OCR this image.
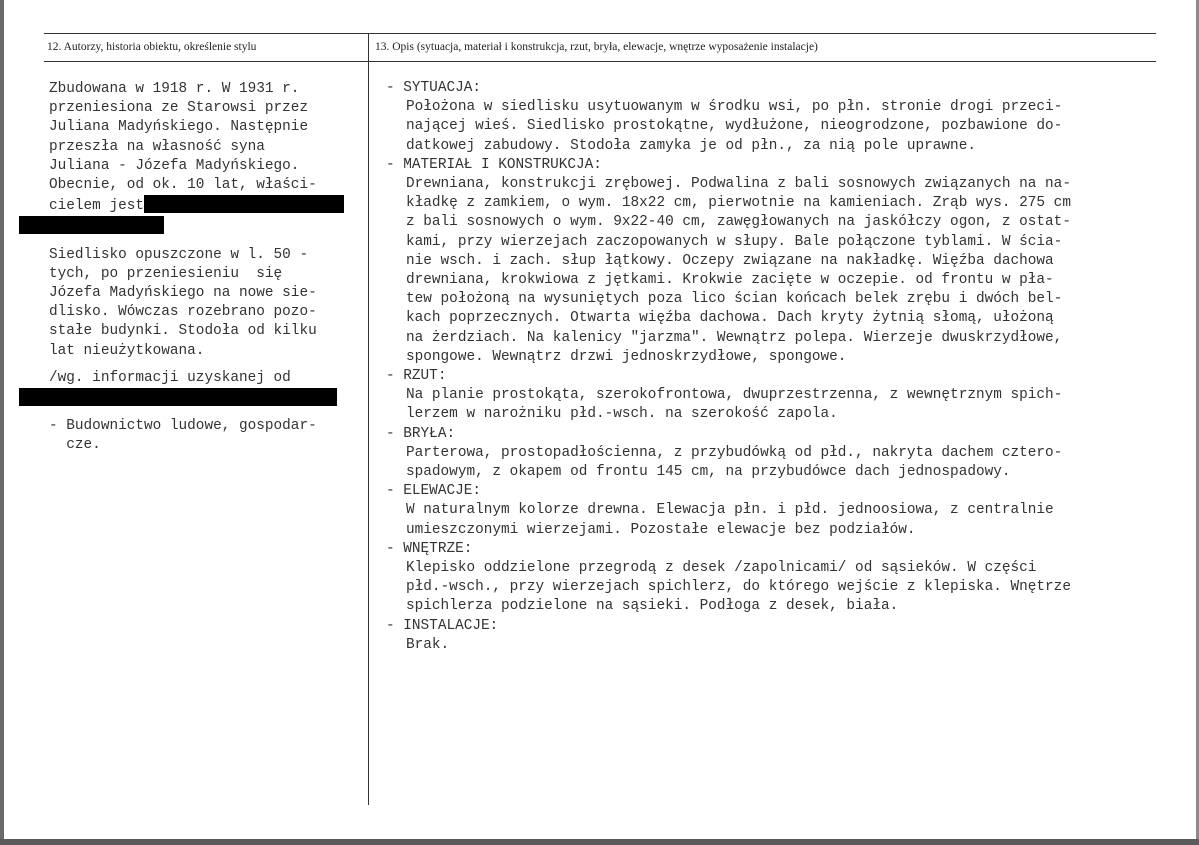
12. Autorzy, historia obiektu, określenie stylu	13. Opis (sytuacja, materiał i konstrukcja, rzut, bryła, elewacje, wnętrze wyposażenie instalacje)
Zbudowana w 1918 r. W 1931 r.
przeniesiona ze Starowsi przez
Juliana Madyńskiego. Następnie
przeszła na własność syna
Juliana - Józefa Madyńskiego.
Obecnie, od ok. 10 lat, właści-
cielem jest
Siedlisko opuszczone w l. 50 -
tych, po przeniesieniu  się
Józefa Madyńskiego na nowe sie-
dlisko. Wówczas rozebrano pozo-
stałe budynki. Stodoła od kilku
lat nieużytkowana.
/wg. informacji uzyskanej od
- Budownictwo ludowe, gospodar-
cze.
- SYTUACJA:
Położona w siedlisku usytuowanym w środku wsi, po płn. stronie drogi przeci-
nającej wieś. Siedlisko prostokątne, wydłużone, nieogrodzone, pozbawione do-
datkowej zabudowy. Stodoła zamyka je od płn., za nią pole uprawne.
- MATERIAŁ I KONSTRUKCJA:
Drewniana, konstrukcji zrębowej. Podwalina z bali sosnowych związanych na na-
kładkę z zamkiem, o wym. 18x22 cm, pierwotnie na kamieniach. Zrąb wys. 275 cm
z bali sosnowych o wym. 9x22-40 cm, zawęgłowanych na jaskółczy ogon, z ostat-
kami, przy wierzejach zaczopowanych w słupy. Bale połączone tyblami. W ścia-
nie wsch. i zach. słup łątkowy. Oczepy związane na nakładkę. Więźba dachowa
drewniana, krokwiowa z jętkami. Krokwie zacięte w oczepie. od frontu w pła-
tew położoną na wysuniętych poza lico ścian końcach belek zrębu i dwóch bel-
kach poprzecznych. Otwarta więźba dachowa. Dach kryty żytnią słomą, ułożoną
na żerdziach. Na kalenicy "jarzma". Wewnątrz polepa. Wierzeje dwuskrzydłowe,
spongowe. Wewnątrz drzwi jednoskrzydłowe, spongowe.
- RZUT:
Na planie prostokąta, szerokofrontowa, dwuprzestrzenna, z wewnętrznym spich-
lerzem w narożniku płd.-wsch. na szerokość zapola.
- BRYŁA:
Parterowa, prostopadłościenna, z przybudówką od płd., nakryta dachem cztero-
spadowym, z okapem od frontu 145 cm, na przybudówce dach jednospadowy.
- ELEWACJE:
W naturalnym kolorze drewna. Elewacja płn. i płd. jednoosiowa, z centralnie
umieszczonymi wierzejami. Pozostałe elewacje bez podziałów.
- WNĘTRZE:
Klepisko oddzielone przegrodą z desek /zapolnicami/ od sąsieków. W części
płd.-wsch., przy wierzejach spichlerz, do którego wejście z klepiska. Wnętrze
spichlerza podzielone na sąsieki. Podłoga z desek, biała.
- INSTALACJE:
Brak.
